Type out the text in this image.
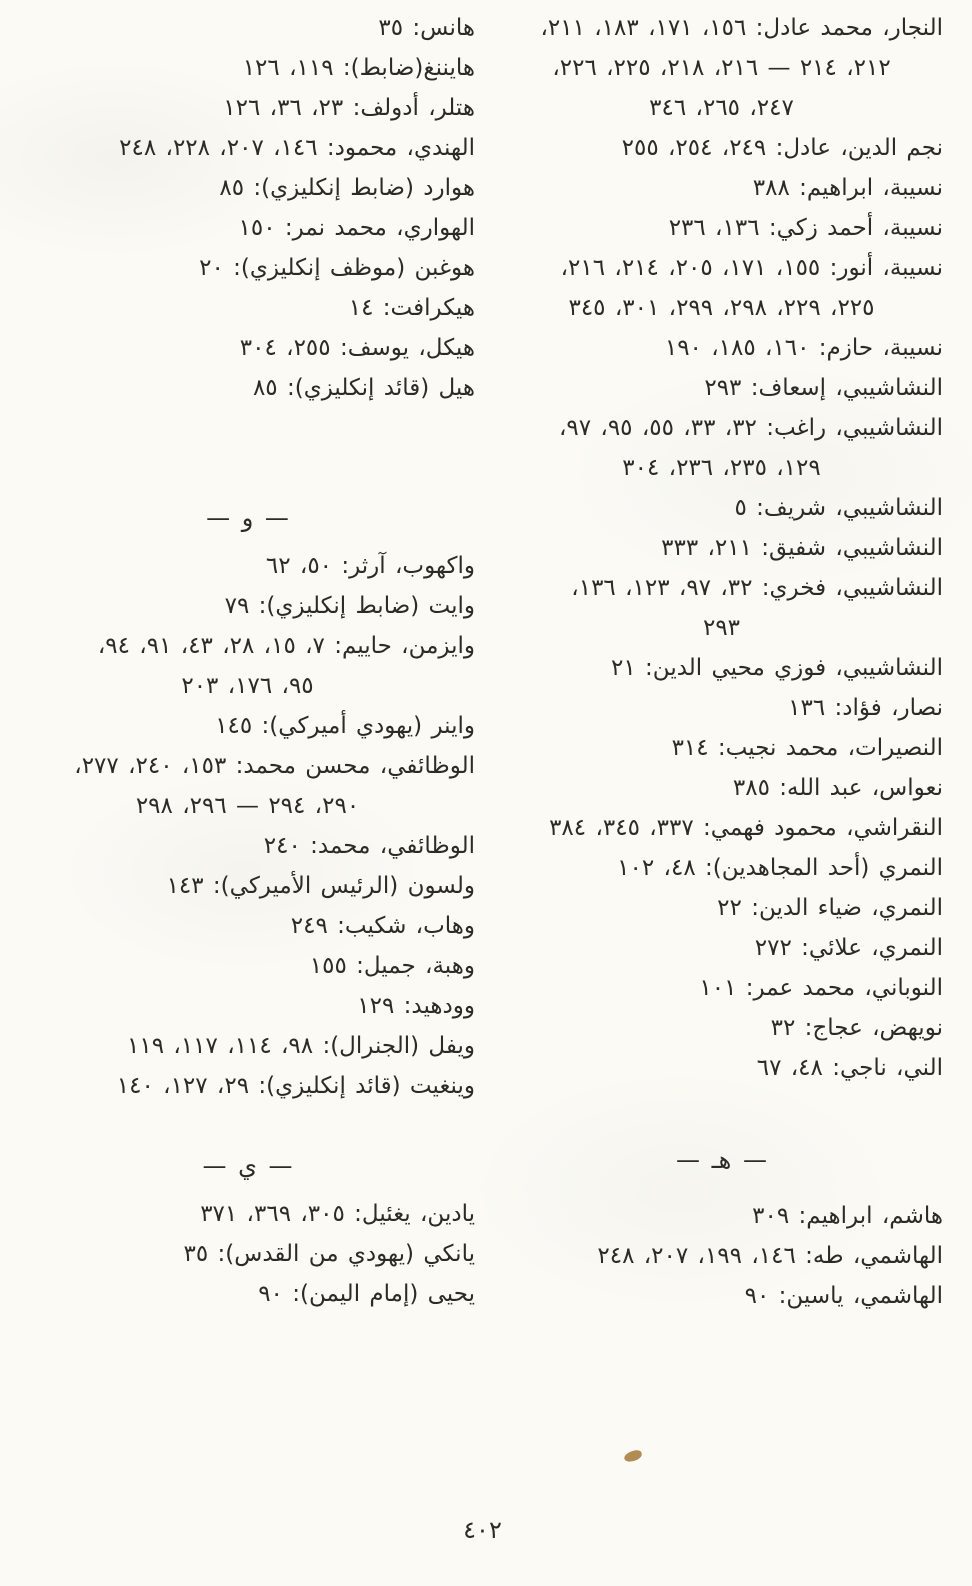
النجار، محمد عادل: ١٥٦، ١٧١، ١٨٣، ٢١١،
٢١٢، ٢١٤ — ٢١٦، ٢١٨، ٢٢٥، ٢٢٦،
٢٤٧، ٢٦٥، ٣٤٦
نجم الدين، عادل: ٢٤٩، ٢٥٤، ٢٥٥
نسيبة، ابراهيم: ٣٨٨
نسيبة، أحمد زكي: ١٣٦، ٢٣٦
نسيبة، أنور: ١٥٥، ١٧١، ٢٠٥، ٢١٤، ٢١٦،
٢٢٥، ٢٢٩، ٢٩٨، ٢٩٩، ٣٠١، ٣٤٥
نسيبة، حازم: ١٦٠، ١٨٥، ١٩٠
النشاشيبي، إسعاف: ٢٩٣
النشاشيبي، راغب: ٣٢، ٣٣، ٥٥، ٩٥، ٩٧،
١٢٩، ٢٣٥، ٢٣٦، ٣٠٤
النشاشيبي، شريف: ٥
النشاشيبي، شفيق: ٢١١، ٣٣٣
النشاشيبي، فخري: ٣٢، ٩٧، ١٢٣، ١٣٦،
٢٩٣
النشاشيبي، فوزي محيي الدين: ٢١
نصار، فؤاد: ١٣٦
النصيرات، محمد نجيب: ٣١٤
نعواس، عبد الله: ٣٨٥
النقراشي، محمود فهمي: ٣٣٧، ٣٤٥، ٣٨٤
النمري (أحد المجاهدين): ٤٨، ١٠٢
النمري، ضياء الدين: ٢٢
النمري، علائي: ٢٧٢
النوباني، محمد عمر: ١٠١
نويهض، عجاج: ٣٢
الني، ناجي: ٤٨، ٦٧
— هـ —
هاشم، ابراهيم: ٣٠٩
الهاشمي، طه: ١٤٦، ١٩٩، ٢٠٧، ٢٤٨
الهاشمي، ياسين: ٩٠
هانس: ٣٥
هايننغ(ضابط): ١١٩، ١٢٦
هتلر، أدولف: ٢٣، ٣٦، ١٢٦
الهندي، محمود: ١٤٦، ٢٠٧، ٢٢٨، ٢٤٨
هوارد (ضابط إنكليزي): ٨٥
الهواري، محمد نمر: ١٥٠
هوغبن (موظف إنكليزي): ٢٠
هيكرافت: ١٤
هيكل، يوسف: ٢٥٥، ٣٠٤
هيل (قائد إنكليزي): ٨٥
— و —
واكهوب، آرثر: ٥٠، ٦٢
وايت (ضابط إنكليزي): ٧٩
وايزمن، حاييم: ٧، ١٥، ٢٨، ٤٣، ٩١، ٩٤،
٩٥، ١٧٦، ٢٠٣
واينر (يهودي أميركي): ١٤٥
الوظائفي، محسن محمد: ١٥٣، ٢٤٠، ٢٧٧،
٢٩٠، ٢٩٤ — ٢٩٦، ٢٩٨
الوظائفي، محمد: ٢٤٠
ولسون (الرئيس الأميركي): ١٤٣
وهاب، شكيب: ٢٤٩
وهبة، جميل: ١٥٥
وودهيد: ١٢٩
ويفل (الجنرال): ٩٨، ١١٤، ١١٧، ١١٩
وينغيت (قائد إنكليزي): ٢٩، ١٢٧، ١٤٠
— ي —
يادين، يغئيل: ٣٠٥، ٣٦٩، ٣٧١
يانكي (يهودي من القدس): ٣٥
يحيى (إمام اليمن): ٩٠
٤٠٢
